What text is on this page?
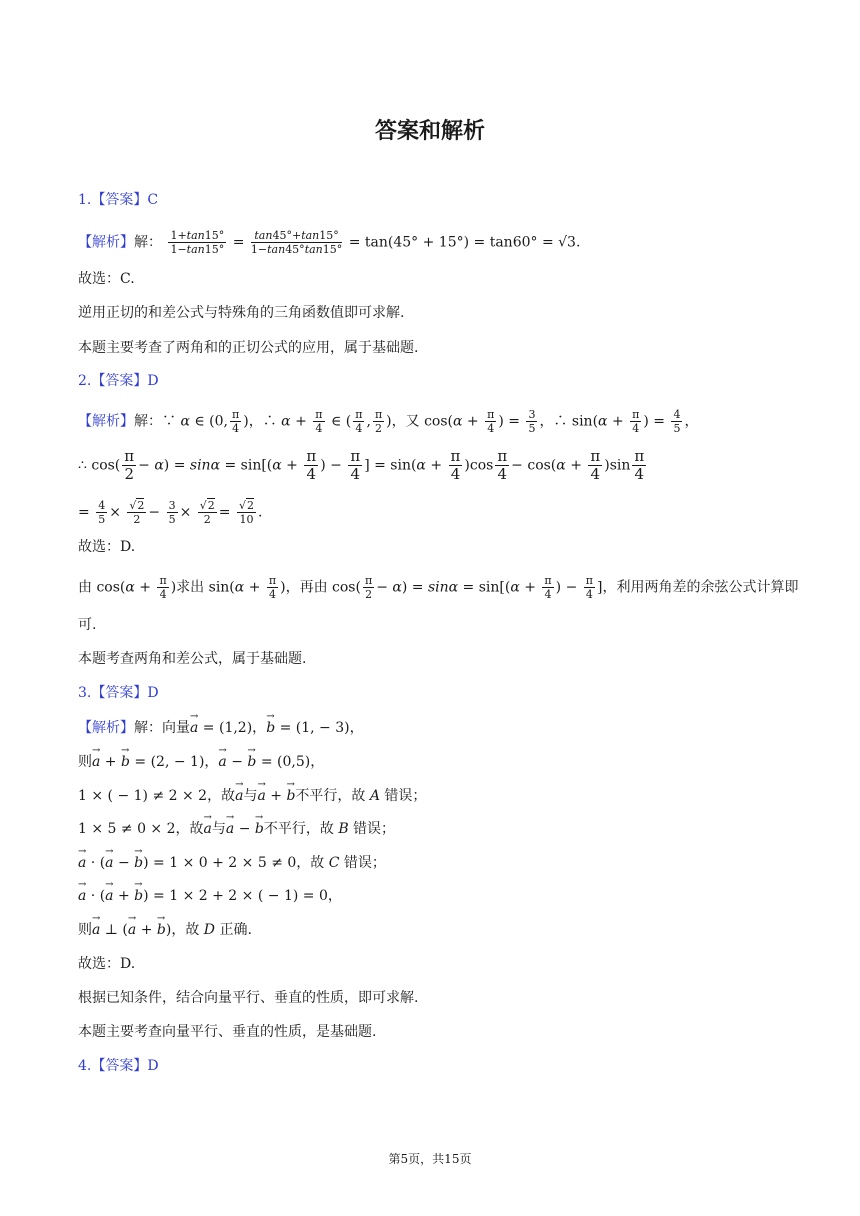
答案和解析
1.【答案】C
【解析】解： $\frac{1+\tan 15^\circ}{1-\tan 15^\circ} = \frac{\tan 45^\circ+\tan 15^\circ}{1-\tan 45^\circ\tan 15^\circ} = \tan(45^\circ + 15^\circ) = \tan 60^\circ = √3$.
故选：C.
逆用正切的和差公式与特殊角的三角函数值即可求解.
本题主要考查了两角和的正切公式的应用，属于基础题.
2.【答案】D
【解析】解：∵ α ∈ (0, $\frac{\pi}{4}$ )，∴ $\alpha + \frac{\pi}{4}$ ∈ ( $\frac{\pi}{4}$ , $\frac{\pi}{2}$ )，又 $\cos(\alpha + \frac{\pi}{4}$ ) = $\frac{3}{5}$ ，∴ $\sin(\alpha + \frac{\pi}{4}$ ) = $\frac{4}{5}$ ，
∴ $\cos( \frac{\pi}{2} - \alpha) = \sin\alpha = \sin[(\alpha + \frac{\pi}{4}$ ) − $\frac{\pi}{4}$ ] = $\sin(\alpha + \frac{\pi}{4} )\cos \frac{\pi}{4} - \cos(\alpha + \frac{\pi}{4} )\sin \frac{\pi}{4}$
= $\frac{4}{5} \times \frac{√2}{2} - \frac{3}{5} \times \frac{√2}{2} = \frac{√2}{10}$ .
故选：D.
由 $\cos(\alpha + \frac{\pi}{4}$ )求出 $\sin(\alpha + \frac{\pi}{4}$ )，再由 $\cos( \frac{\pi}{2} - \alpha) = \sin\alpha = \sin[(\alpha + \frac{\pi}{4}$ ) − $\frac{\pi}{4}$ ]，利用两角差的余弦公式计算即
可.
本题考查两角和差公式，属于基础题.
3.【答案】D
【解析】解：向量a → = (1,2)，b → = (1, − 3)，
则a → + b → = (2, − 1)，a → − b → = (0,5)，
1 × ( − 1) ≠ 2 × 2，故a →与a → + b →不平行，故 A 错误；
1 × 5 ≠ 0 × 2，故a →与a → − b →不平行，故 B 错误；
a → · (a → − b →) = 1 × 0 + 2 × 5 ≠ 0，故 C 错误；
a → · (a → + b →) = 1 × 2 + 2 × ( − 1) = 0，
则a → ⊥ (a → + b →)，故 D 正确.
故选：D.
根据已知条件，结合向量平行、垂直的性质，即可求解.
本题主要考查向量平行、垂直的性质，是基础题.
4.【答案】D
第5页，共15页
